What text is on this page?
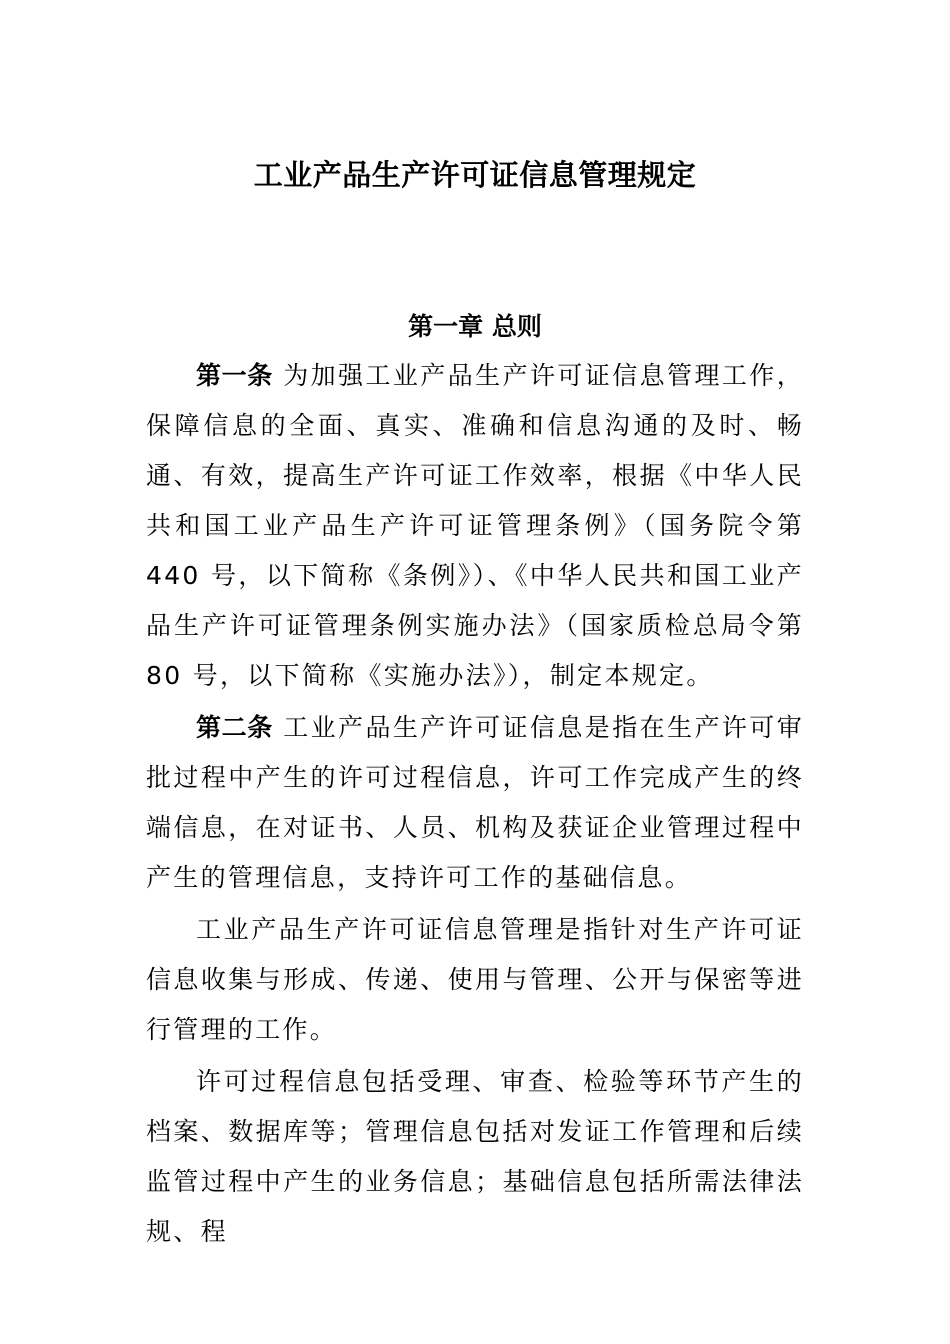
工业产品生产许可证信息管理规定
第一章 总则

第一条 为加强工业产品生产许可证信息管理工作，保障信息的全面、真实、准确和信息沟通的及时、畅通、有效，提高生产许可证工作效率，根据《中华人民共和国工业产品生产许可证管理条例》（国务院令第 440 号，以下简称《条例》）、《中华人民共和国工业产品生产许可证管理条例实施办法》（国家质检总局令第 80 号，以下简称《实施办法》），制定本规定。

第二条 工业产品生产许可证信息是指在生产许可审批过程中产生的许可过程信息，许可工作完成产生的终端信息，在对证书、人员、机构及获证企业管理过程中产生的管理信息，支持许可工作的基础信息。

工业产品生产许可证信息管理是指针对生产许可证信息收集与形成、传递、使用与管理、公开与保密等进行管理的工作。

许可过程信息包括受理、审查、检验等环节产生的档案、数据库等；管理信息包括对发证工作管理和后续监管过程中产生的业务信息；基础信息包括所需法律法规、程
